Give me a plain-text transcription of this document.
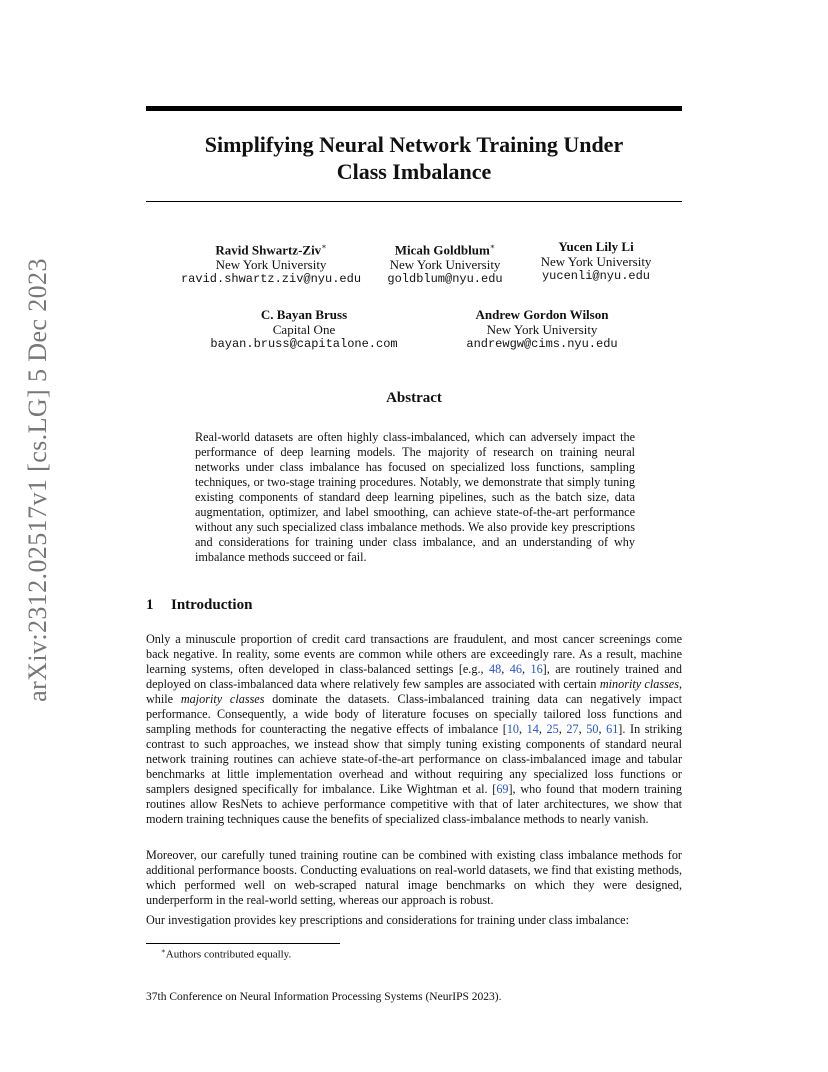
arXiv:2312.02517v1 [cs.LG] 5 Dec 2023
Simplifying Neural Network Training Under
Class Imbalance
Ravid Shwartz-Ziv∗
New York University
ravid.shwartz.ziv@nyu.edu
Micah Goldblum∗
New York University
goldblum@nyu.edu
Yucen Lily Li
New York University
yucenli@nyu.edu
C. Bayan Bruss
Capital One
bayan.bruss@capitalone.com
Andrew Gordon Wilson
New York University
andrewgw@cims.nyu.edu
Abstract

Real-world datasets are often highly class-imbalanced, which can adversely impact the performance of deep learning models. The majority of research on training neural networks under class imbalance has focused on specialized loss functions, sampling techniques, or two-stage training procedures. Notably, we demonstrate that simply tuning existing components of standard deep learning pipelines, such as the batch size, data augmentation, optimizer, and label smoothing, can achieve state-of-the-art performance without any such specialized class imbalance methods. We also provide key prescriptions and considerations for training under class imbalance, and an understanding of why imbalance methods succeed or fail.

1 Introduction

Only a minuscule proportion of credit card transactions are fraudulent, and most cancer screenings come back negative. In reality, some events are common while others are exceedingly rare. As a result, machine learning systems, often developed in class-balanced settings [e.g., 48, 46, 16], are routinely trained and deployed on class-imbalanced data where relatively few samples are associated with certain minority classes, while majority classes dominate the datasets. Class-imbalanced training data can negatively impact performance. Consequently, a wide body of literature focuses on specially tailored loss functions and sampling methods for counteracting the negative effects of imbalance [10, 14, 25, 27, 50, 61]. In striking contrast to such approaches, we instead show that simply tuning existing components of standard neural network training routines can achieve state-of-the-art performance on class-imbalanced image and tabular benchmarks at little implementation overhead and without requiring any specialized loss functions or samplers designed specifically for imbalance. Like Wightman et al. [69], who found that modern training routines allow ResNets to achieve performance competitive with that of later architectures, we show that modern training techniques cause the benefits of specialized class-imbalance methods to nearly vanish.

Moreover, our carefully tuned training routine can be combined with existing class imbalance methods for additional performance boosts. Conducting evaluations on real-world datasets, we find that existing methods, which performed well on web-scraped natural image benchmarks on which they were designed, underperform in the real-world setting, whereas our approach is robust.

Our investigation provides key prescriptions and considerations for training under class imbalance:

∗Authors contributed equally.
37th Conference on Neural Information Processing Systems (NeurIPS 2023).
